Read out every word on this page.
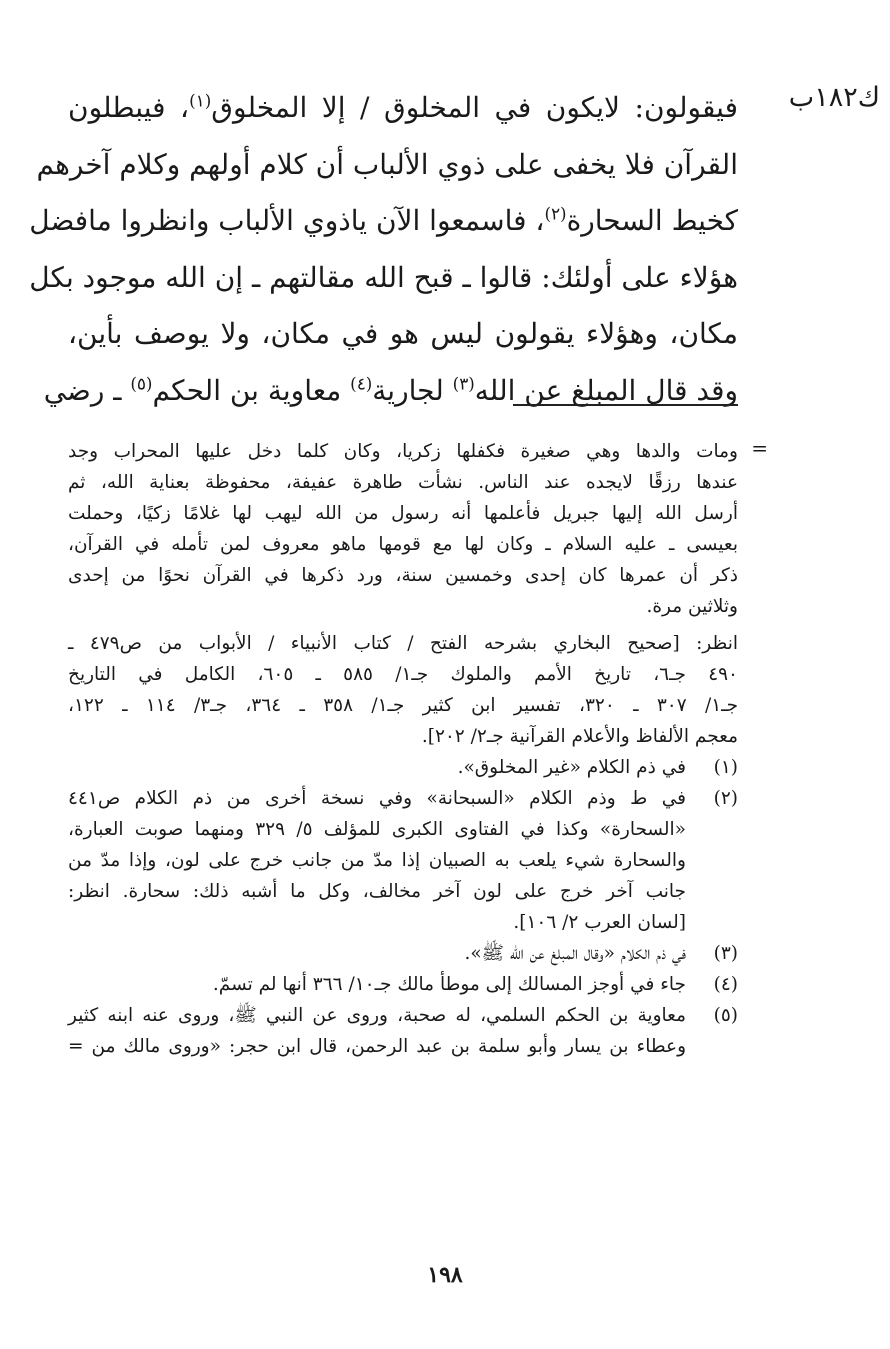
ك١٨٢ب
فيقولون: لايكون في المخلوق / إلا المخلوق$^{(١)}$، فيبطلون
القرآن فلا يخفى على ذوي الألباب أن كلام أولهم وكلام آخرهم
كخيط السحارة$^{(٢)}$، فاسمعوا الآن ياذوي الألباب وانظروا مافضل
هؤلاء على أولئك: قالوا ـ قبح الله مقالتهم ـ إن الله موجود بكل
مكان، وهؤلاء يقولون ليس هو في مكان، ولا يوصف بأين،
وقد قال المبلغ عن الله$^{(٣)}$ لجارية$^{(٤)}$ معاوية بن الحكم$^{(٥)}$ ـ رضي
=
ومات والدها وهي صغيرة فكفلها زكريا، وكان كلما دخل عليها المحراب وجد
عندها رزقًا لايجده عند الناس. نشأت طاهرة عفيفة، محفوظة بعناية الله، ثم
أرسل الله إليها جبريل فأعلمها أنه رسول من الله ليهب لها غلامًا زكيًا، وحملت
بعيسى ـ عليه السلام ـ وكان لها مع قومها ماهو معروف لمن تأمله في القرآن،
ذكر أن عمرها كان إحدى وخمسين سنة، ورد ذكرها في القرآن نحوًا من إحدى
وثلاثين مرة.
انظر: [صحيح البخاري بشرحه الفتح / كتاب الأنبياء / الأبواب من ص٤٧٩ ـ
٤٩٠ جـ٦، تاريخ الأمم والملوك جـ١/ ٥٨٥ ـ ٦٠٥، الكامل في التاريخ
جـ١/ ٣٠٧ ـ ٣٢٠، تفسير ابن كثير جـ١/ ٣٥٨ ـ ٣٦٤، جـ٣/ ١١٤ ـ ١٢٢،
معجم الألفاظ والأعلام القرآنية جـ٢/ ٢٠٢].
(١)
في ذم الكلام «غير المخلوق».
(٢)
في ط وذم الكلام «السبحانة» وفي نسخة أخرى من ذم الكلام ص٤٤١
«السحارة» وكذا في الفتاوى الكبرى للمؤلف ٥/ ٣٢٩ ومنهما صوبت العبارة،
والسحارة شيء يلعب به الصبيان إذا مدّ من جانب خرج على لون، وإذا مدّ من
جانب آخر خرج على لون آخر مخالف، وكل ما أشبه ذلك: سحارة. انظر:
[لسان العرب ٢/ ١٠٦].
(٣)
في ذم الكلام «وقال المبلغ عن الله ﷺ».
(٤)
جاء في أوجز المسالك إلى موطأ مالك جـ١٠/ ٣٦٦ أنها لم تسمّ.
(٥)
معاوية بن الحكم السلمي، له صحبة، وروى عن النبي ﷺ، وروى عنه ابنه كثير
وعطاء بن يسار وأبو سلمة بن عبد الرحمن، قال ابن حجر: «وروى مالك من =
١٩٨
